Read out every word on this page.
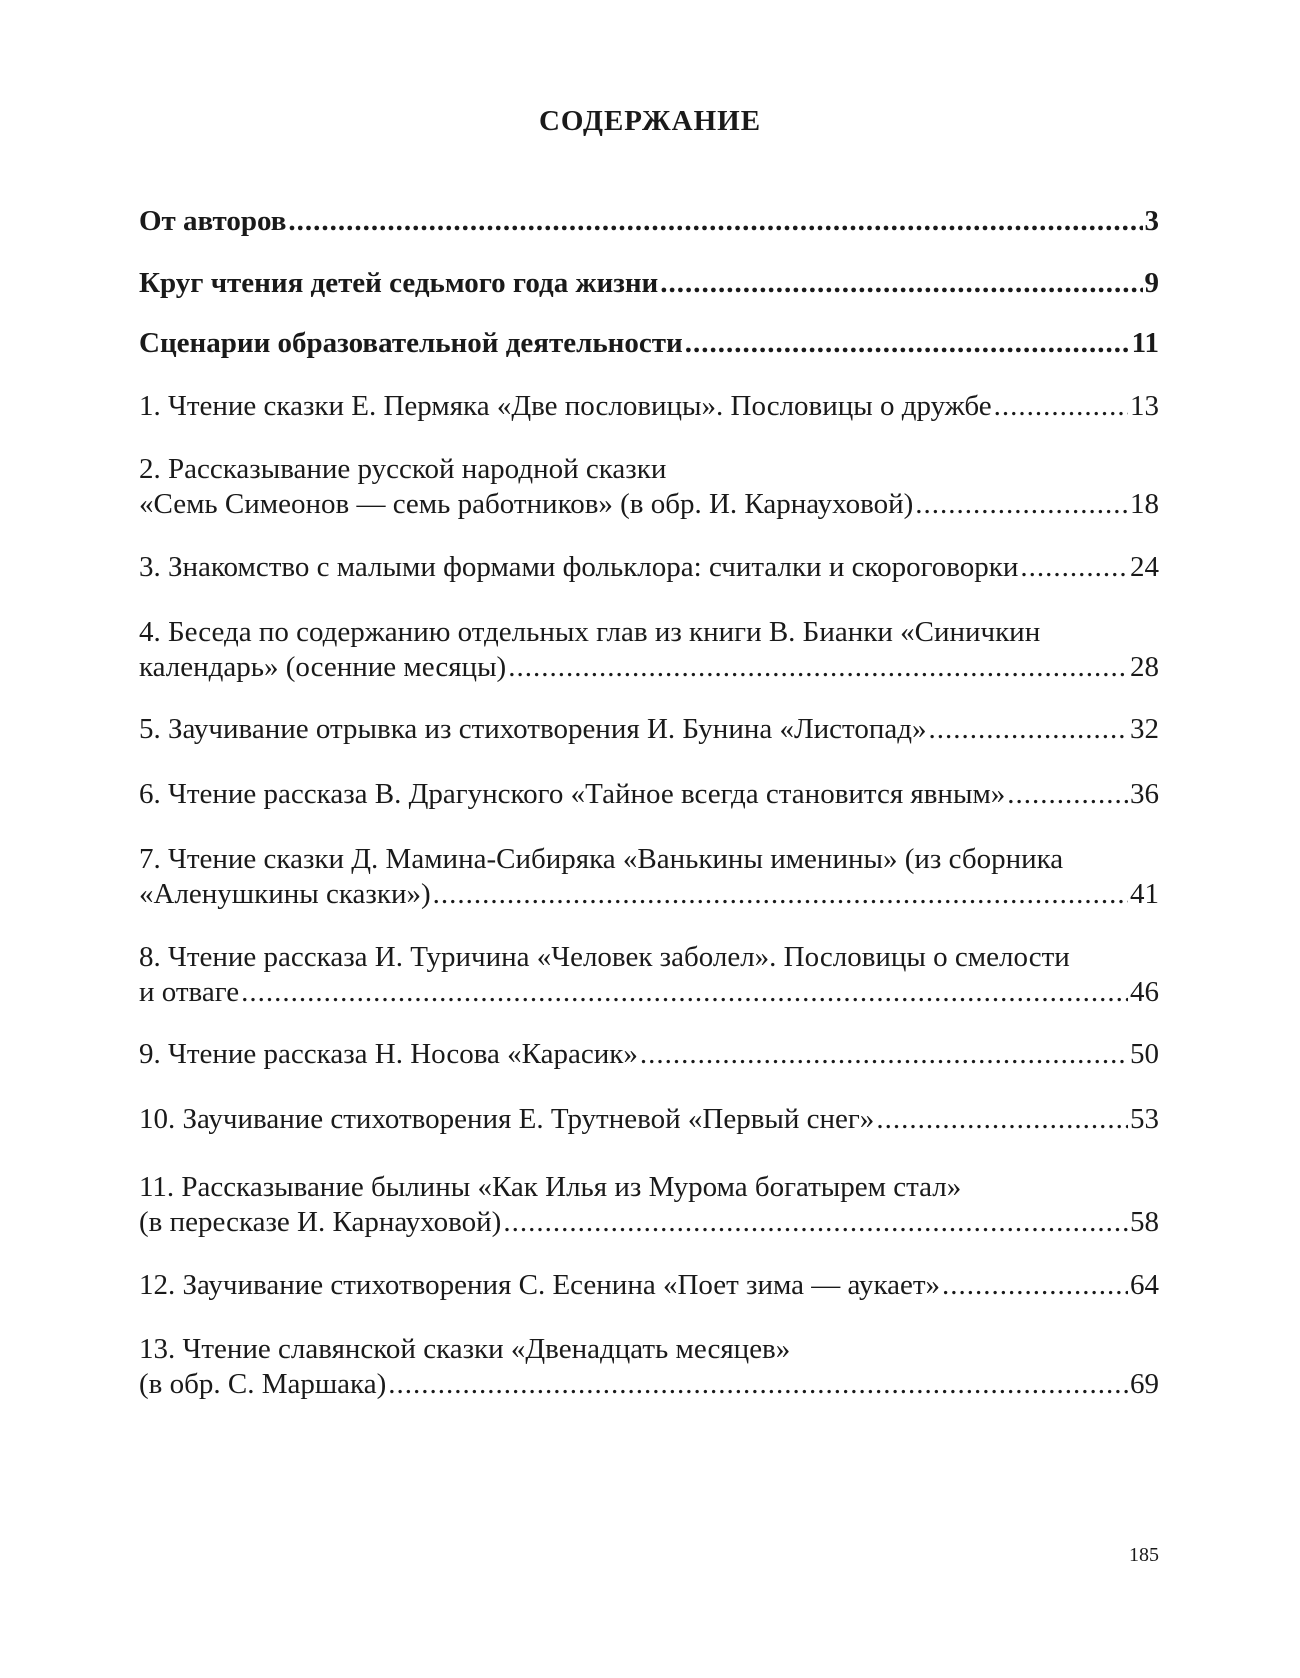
СОДЕРЖАНИЕ
От авторов .....	3
Круг чтения детей седьмого года жизни .....	9
Сценарии образовательной деятельности .....	11
1. Чтение сказки Е. Пермяка «Две пословицы». Пословицы о дружбе .....	13
2. Рассказывание русской народной сказки
«Семь Симеонов — семь работников» (в обр. И. Карнауховой) .....	18
3. Знакомство с малыми формами фольклора: считалки и скороговорки .....	24
4. Беседа по содержанию отдельных глав из книги В. Бианки «Синичкин
календарь» (осенние месяцы) .....	28
5. Заучивание отрывка из стихотворения И. Бунина «Листопад» .....	32
6. Чтение рассказа В. Драгунского «Тайное всегда становится явным» .....	36
7. Чтение сказки Д. Мамина-Сибиряка «Ванькины именины» (из сборника
«Аленушкины сказки») .....	41
8. Чтение рассказа И. Туричина «Человек заболел». Пословицы о смелости
и отваге .....	46
9. Чтение рассказа Н. Носова «Карасик» .....	50
10. Заучивание стихотворения Е. Трутневой «Первый снег» .....	53
11. Рассказывание былины «Как Илья из Мурома богатырем стал»
(в пересказе И. Карнауховой) .....	58
12. Заучивание стихотворения С. Есенина «Поет зима — аукает» .....	64
13. Чтение славянской сказки «Двенадцать месяцев»
(в обр. С. Маршака) .....	69
185
